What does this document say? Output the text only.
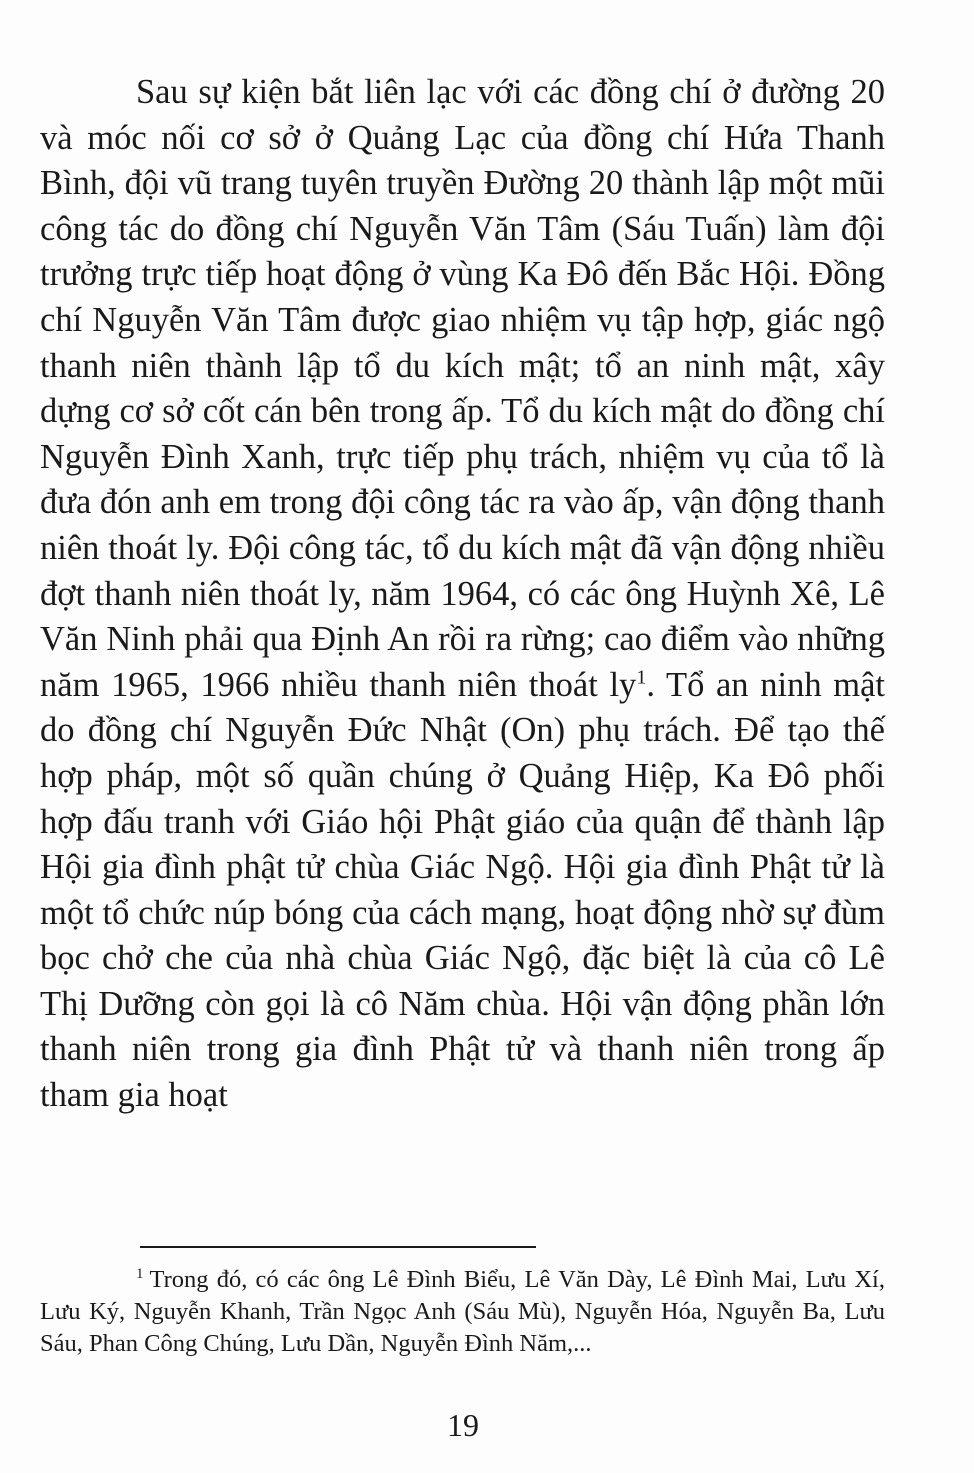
Sau sự kiện bắt liên lạc với các đồng chí ở đường 20 và móc nối cơ sở ở Quảng Lạc của đồng chí Hứa Thanh Bình, đội vũ trang tuyên truyền Đường 20 thành lập một mũi công tác do đồng chí Nguyễn Văn Tâm (Sáu Tuấn) làm đội trưởng trực tiếp hoạt động ở vùng Ka Đô đến Bắc Hội. Đồng chí Nguyễn Văn Tâm được giao nhiệm vụ tập hợp, giác ngộ thanh niên thành lập tổ du kích mật; tổ an ninh mật, xây dựng cơ sở cốt cán bên trong ấp. Tổ du kích mật do đồng chí Nguyễn Đình Xanh, trực tiếp phụ trách, nhiệm vụ của tổ là đưa đón anh em trong đội công tác ra vào ấp, vận động thanh niên thoát ly. Đội công tác, tổ du kích mật đã vận động nhiều đợt thanh niên thoát ly, năm 1964, có các ông Huỳnh Xê, Lê Văn Ninh phải qua Định An rồi ra rừng; cao điểm vào những năm 1965, 1966 nhiều thanh niên thoát $ly^1$. Tổ an ninh mật do đồng chí Nguyễn Đức Nhật (On) phụ trách. Để tạo thế hợp pháp, một số quần chúng ở Quảng Hiệp, Ka Đô phối hợp đấu tranh với Giáo hội Phật giáo của quận để thành lập Hội gia đình phật tử chùa Giác Ngộ. Hội gia đình Phật tử là một tổ chức núp bóng của cách mạng, hoạt động nhờ sự đùm bọc chở che của nhà chùa Giác Ngộ, đặc biệt là của cô Lê Thị Dưỡng còn gọi là cô Năm chùa. Hội vận động phần lớn thanh niên trong gia đình Phật tử và thanh niên trong ấp tham gia hoạt

$^1$ Trong đó, có các ông Lê Đình Biểu, Lê Văn Dày, Lê Đình Mai, Lưu Xí, Lưu Ký, Nguyễn Khanh, Trần Ngọc Anh (Sáu Mù), Nguyễn Hóa, Nguyễn Ba, Lưu Sáu, Phan Công Chúng, Lưu Dần, Nguyễn Đình Năm,...

19
